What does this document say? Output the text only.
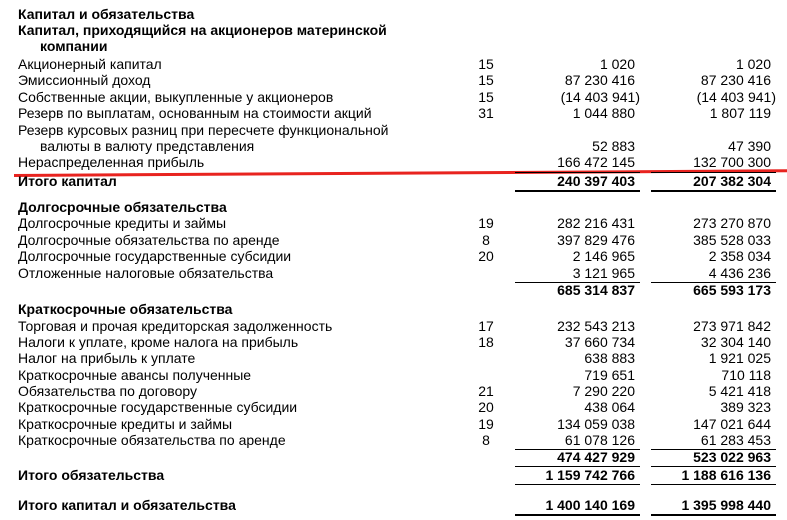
Капитал и обязательства
Капитал, приходящийся на акционеров материнской
компании
Акционерный капитал	15	1 020	1 020
Эмиссионный доход	15	87 230 416	87 230 416
Собственные акции, выкупленные у акционеров	15	(14 403 941)	(14 403 941)
Резерв по выплатам, основанным на стоимости акций	31	1 044 880	1 807 119
Резерв курсовых разниц при пересчете функциональной
валюты в валюту представления	52 883	47 390
Нераспределенная прибыль	166 472 145	132 700 300
Итого капитал	240 397 403	207 382 304
Долгосрочные обязательства
Долгосрочные кредиты и займы	19	282 216 431	273 270 870
Долгосрочные обязательства по аренде	8	397 829 476	385 528 033
Долгосрочные государственные субсидии	20	2 146 965	2 358 034
Отложенные налоговые обязательства	3 121 965	4 436 236
685 314 837	665 593 173
Краткосрочные обязательства
Торговая и прочая кредиторская задолженность	17	232 543 213	273 971 842
Налоги к уплате, кроме налога на прибыль	18	37 660 734	32 304 140
Налог на прибыль к уплате	638 883	1 921 025
Краткосрочные авансы полученные	719 651	710 118
Обязательства по договору	21	7 290 220	5 421 418
Краткосрочные государственные субсидии	20	438 064	389 323
Краткосрочные кредиты и займы	19	134 059 038	147 021 644
Краткосрочные обязательства по аренде	8	61 078 126	61 283 453
474 427 929	523 022 963
Итого обязательства	1 159 742 766	1 188 616 136
Итого капитал и обязательства	1 400 140 169	1 395 998 440
